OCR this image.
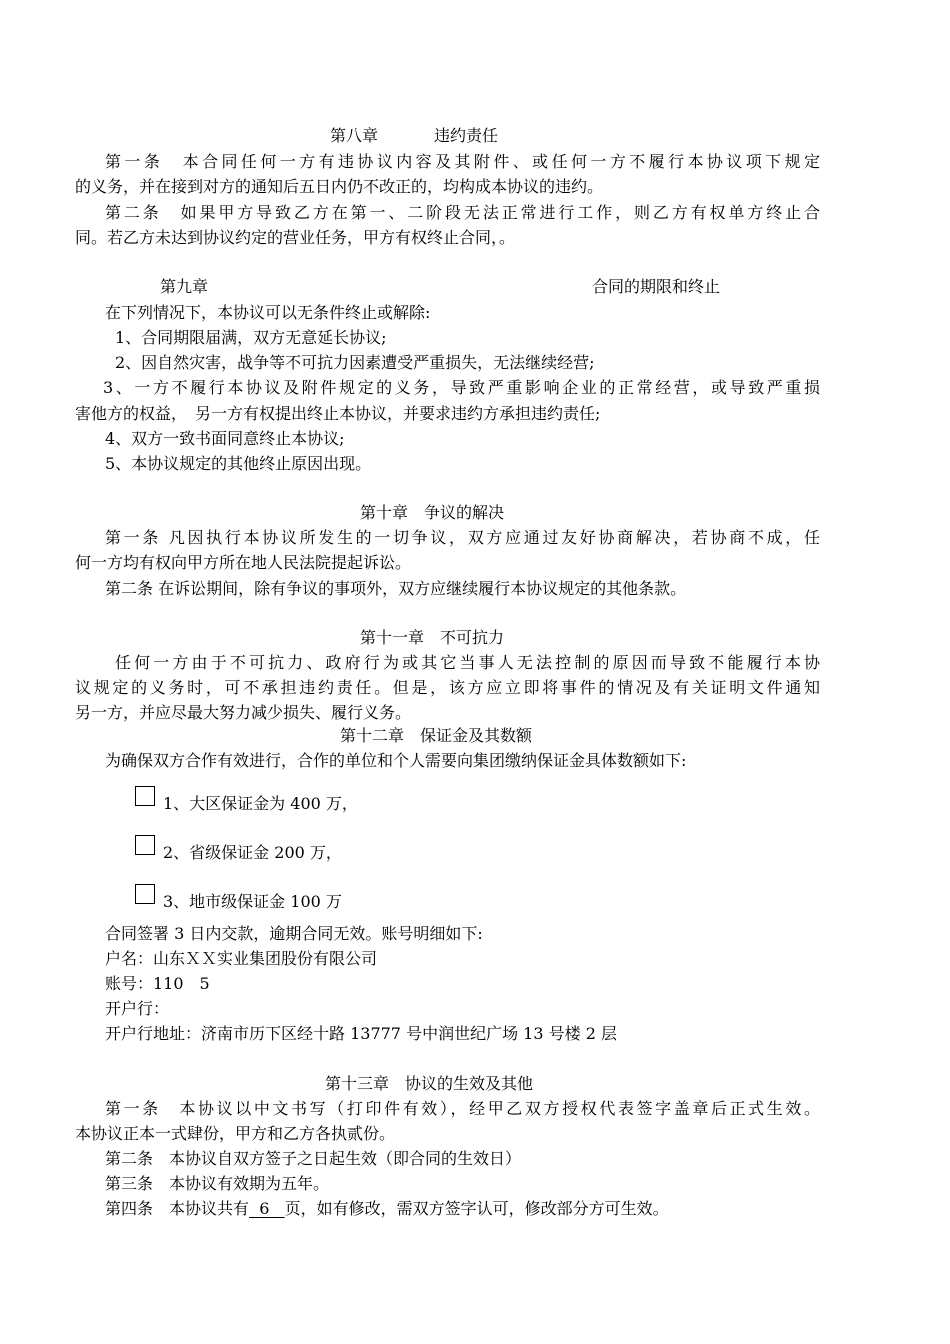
第八章	违约责任
第一条　本合同任何一方有违协议内容及其附件、或任何一方不履行本协议项下规定
的义务，并在接到对方的通知后五日内仍不改正的，均构成本协议的违约。
第二条　如果甲方导致乙方在第一、二阶段无法正常进行工作，则乙方有权单方终止合
同。若乙方未达到协议约定的营业任务，甲方有权终止合同，。
第九章	合同的期限和终止
在下列情况下，本协议可以无条件终止或解除:
1、合同期限届满，双方无意延长协议;
2、因自然灾害，战争等不可抗力因素遭受严重损失，无法继续经营;
3、一方不履行本协议及附件规定的义务，导致严重影响企业的正常经营，或导致严重损
害他方的权益，　另一方有权提出终止本协议，并要求违约方承担违约责任;
4、双方一致书面同意终止本协议;
5、本协议规定的其他终止原因出现。
第十章　争议的解决
第一条 凡因执行本协议所发生的一切争议，双方应通过友好协商解决，若协商不成，任
何一方均有权向甲方所在地人民法院提起诉讼。
第二条 在诉讼期间，除有争议的事项外，双方应继续履行本协议规定的其他条款。
第十一章　不可抗力
任何一方由于不可抗力、政府行为或其它当事人无法控制的原因而导致不能履行本协
议规定的义务时，可不承担违约责任。但是，该方应立即将事件的情况及有关证明文件通知
另一方，并应尽最大努力减少损失、履行义务。
第十二章　保证金及其数额
为确保双方合作有效进行，合作的单位和个人需要向集团缴纳保证金具体数额如下:
1、大区保证金为 400 万，
2、省级保证金 200 万，
3、地市级保证金 100 万
合同签署 3 日内交款，逾期合同无效。账号明细如下:
户名：山东ＸＸ实业集团股份有限公司
账号：110　5
开户行：
开户行地址：济南市历下区经十路 13777 号中润世纪广场 13 号楼 2 层
第十三章　协议的生效及其他
第一条　本协议以中文书写（打印件有效），经甲乙双方授权代表签字盖章后正式生效。
本协议正本一式肆份，甲方和乙方各执贰份。
第二条　本协议自双方签子之日起生效（即合同的生效日）
第三条　本协议有效期为五年。
第四条　本协议共有 6 页，如有修改，需双方签字认可，修改部分方可生效。
